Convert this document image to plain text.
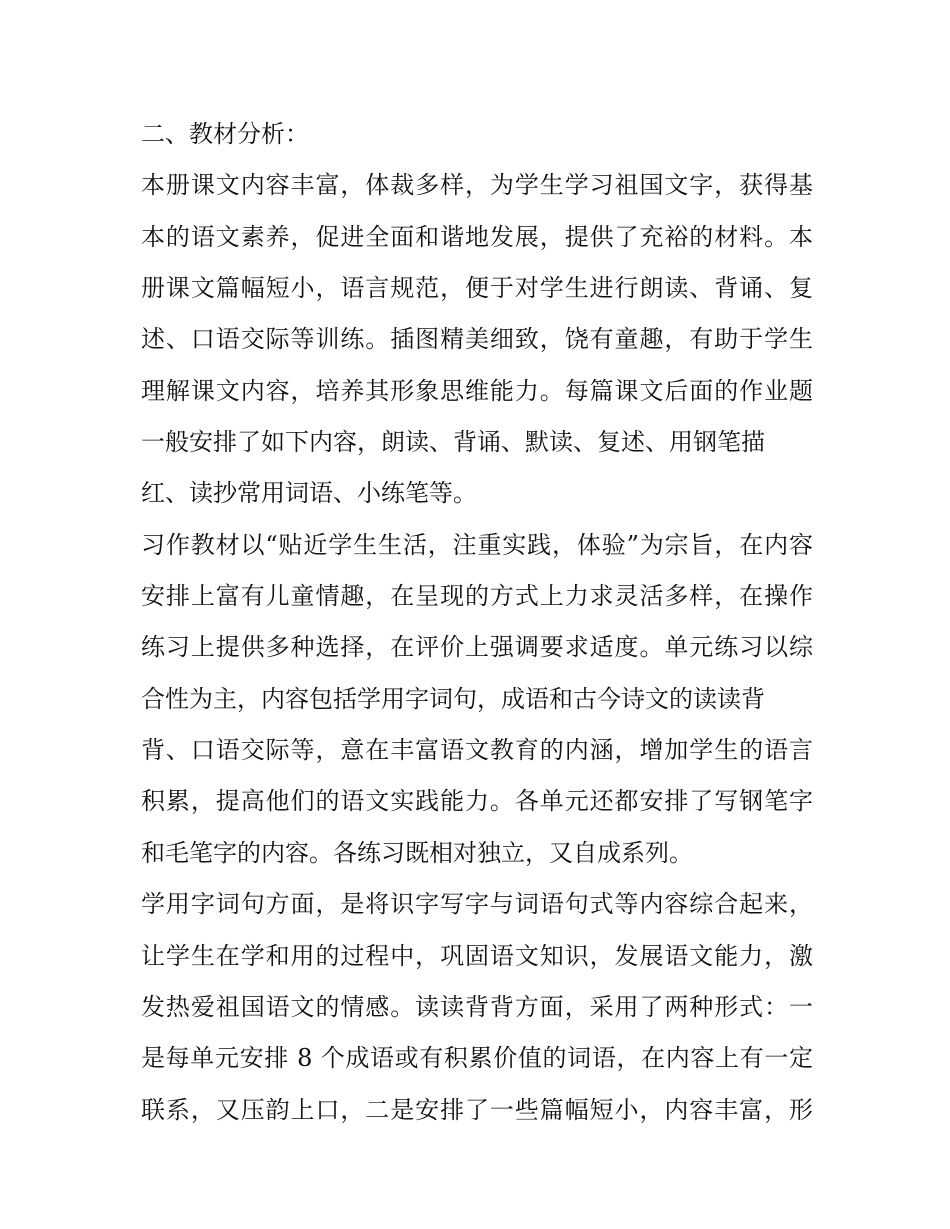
二、教材分析：
本册课文内容丰富，体裁多样，为学生学习祖国文字，获得基
本的语文素养，促进全面和谐地发展，提供了充裕的材料。本
册课文篇幅短小，语言规范，便于对学生进行朗读、背诵、复
述、口语交际等训练。插图精美细致，饶有童趣，有助于学生
理解课文内容，培养其形象思维能力。每篇课文后面的作业题
一般安排了如下内容，朗读、背诵、默读、复述、用钢笔描
红、读抄常用词语、小练笔等。
习作教材以“贴近学生生活，注重实践，体验”为宗旨，在内容
安排上富有儿童情趣，在呈现的方式上力求灵活多样，在操作
练习上提供多种选择，在评价上强调要求适度。单元练习以综
合性为主，内容包括学用字词句，成语和古今诗文的读读背
背、口语交际等，意在丰富语文教育的内涵，增加学生的语言
积累，提高他们的语文实践能力。各单元还都安排了写钢笔字
和毛笔字的内容。各练习既相对独立，又自成系列。
学用字词句方面，是将识字写字与词语句式等内容综合起来，
让学生在学和用的过程中，巩固语文知识，发展语文能力，激
发热爱祖国语文的情感。读读背背方面，采用了两种形式：一
是每单元安排 8 个成语或有积累价值的词语，在内容上有一定
联系，又压韵上口，二是安排了一些篇幅短小，内容丰富，形
